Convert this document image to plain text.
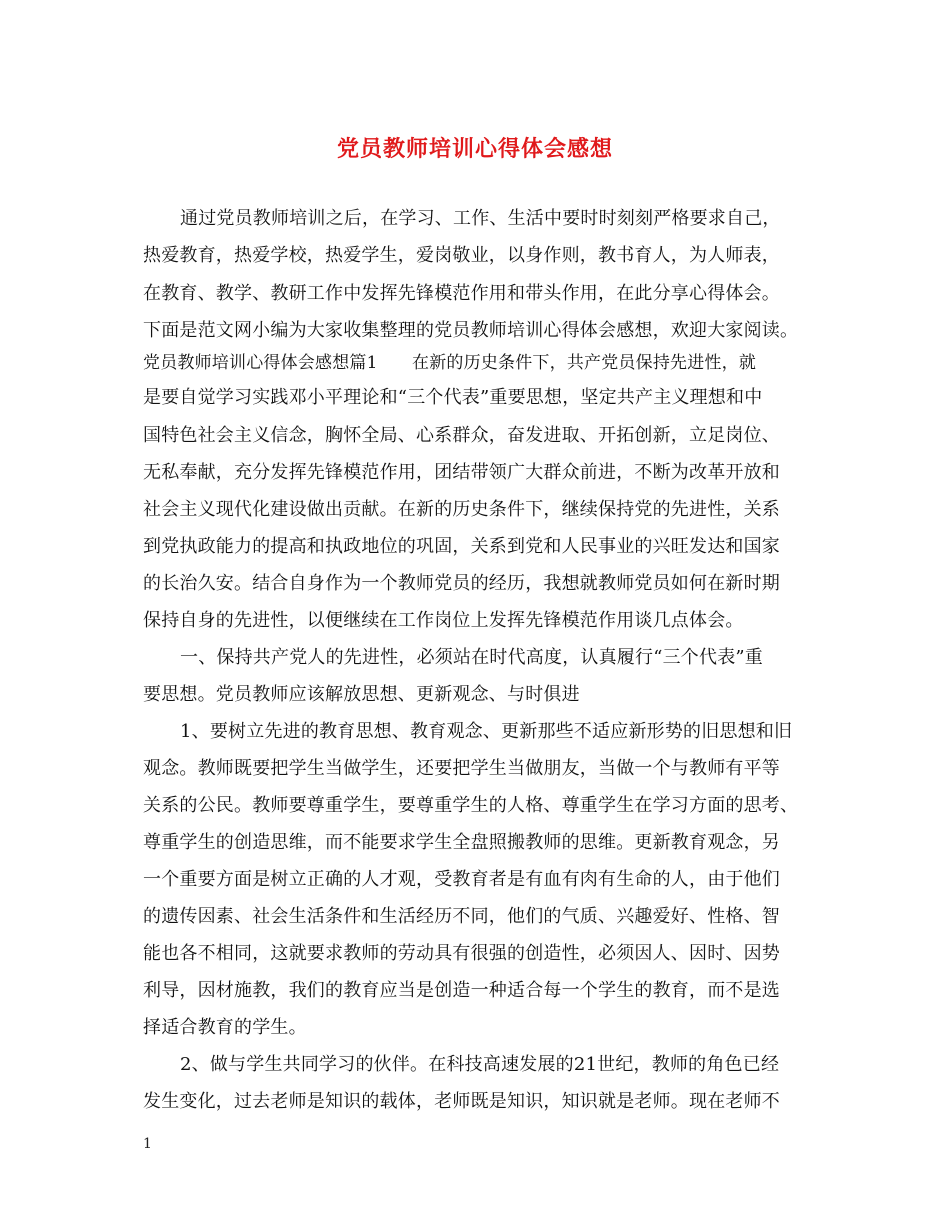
党员教师培训心得体会感想
通过党员教师培训之后，在学习、工作、生活中要时时刻刻严格要求自己，
热爱教育，热爱学校，热爱学生，爱岗敬业，以身作则，教书育人，为人师表，
在教育、教学、教研工作中发挥先锋模范作用和带头作用，在此分享心得体会。
下面是范文网小编为大家收集整理的党员教师培训心得体会感想，欢迎大家阅读。
党员教师培训心得体会感想篇1　　在新的历史条件下，共产党员保持先进性，就
是要自觉学习实践邓小平理论和“三个代表”重要思想，坚定共产主义理想和中
国特色社会主义信念，胸怀全局、心系群众，奋发进取、开拓创新，立足岗位、
无私奉献，充分发挥先锋模范作用，团结带领广大群众前进，不断为改革开放和
社会主义现代化建设做出贡献。在新的历史条件下，继续保持党的先进性，关系
到党执政能力的提高和执政地位的巩固，关系到党和人民事业的兴旺发达和国家
的长治久安。结合自身作为一个教师党员的经历，我想就教师党员如何在新时期
保持自身的先进性，以便继续在工作岗位上发挥先锋模范作用谈几点体会。
一、保持共产党人的先进性，必须站在时代高度，认真履行“三个代表”重
要思想。党员教师应该解放思想、更新观念、与时俱进
1、要树立先进的教育思想、教育观念、更新那些不适应新形势的旧思想和旧
观念。教师既要把学生当做学生，还要把学生当做朋友，当做一个与教师有平等
关系的公民。教师要尊重学生，要尊重学生的人格、尊重学生在学习方面的思考、
尊重学生的创造思维，而不能要求学生全盘照搬教师的思维。更新教育观念，另
一个重要方面是树立正确的人才观，受教育者是有血有肉有生命的人，由于他们
的遗传因素、社会生活条件和生活经历不同，他们的气质、兴趣爱好、性格、智
能也各不相同，这就要求教师的劳动具有很强的创造性，必须因人、因时、因势
利导，因材施教，我们的教育应当是创造一种适合每一个学生的教育，而不是选
择适合教育的学生。
2、做与学生共同学习的伙伴。在科技高速发展的21世纪，教师的角色已经
发生变化，过去老师是知识的载体，老师既是知识，知识就是老师。现在老师不
1
